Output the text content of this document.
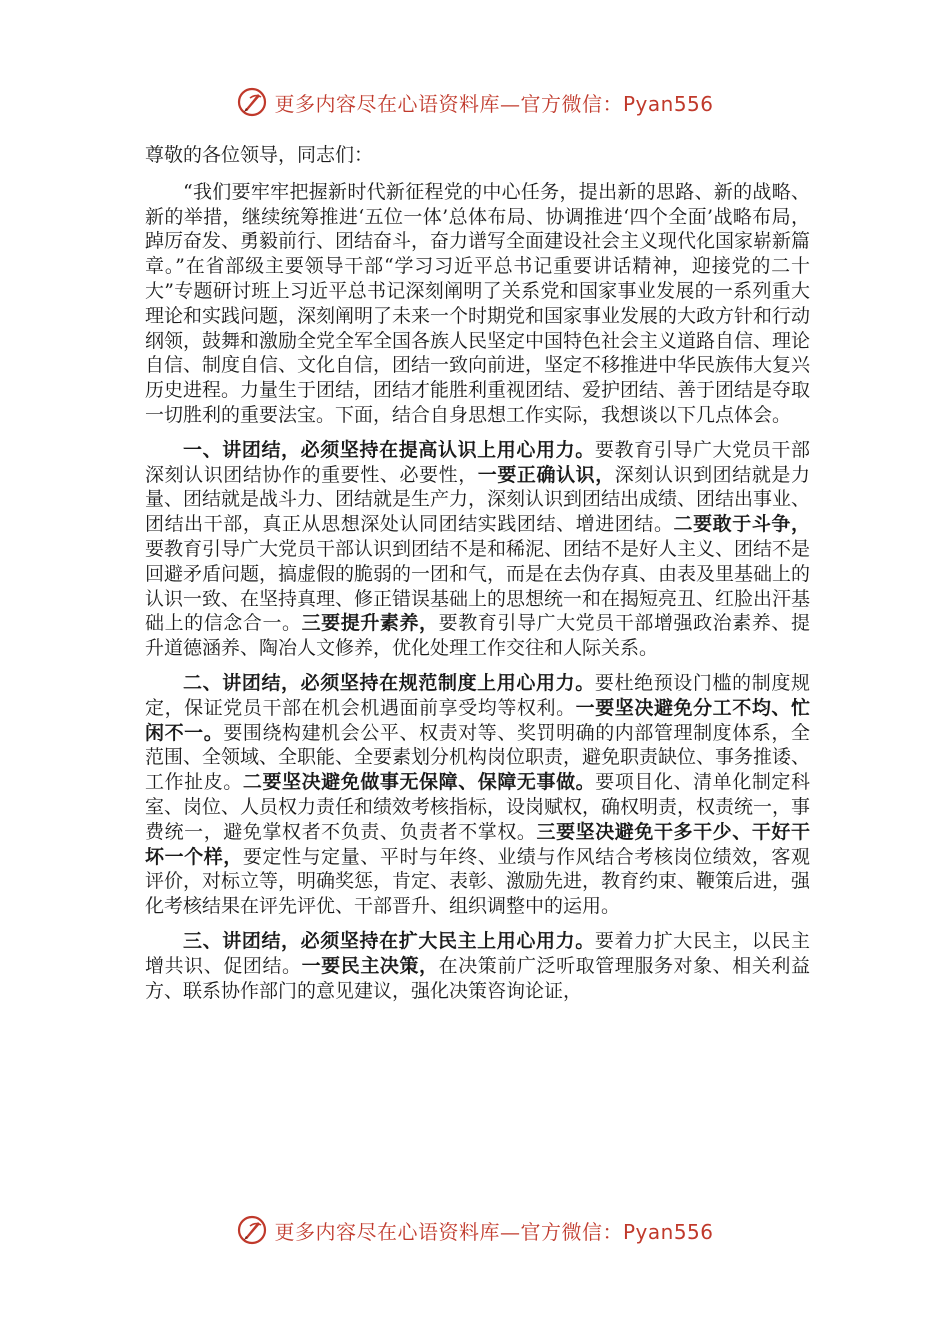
更多内容尽在心语资料库—官方微信：Pyan556

尊敬的各位领导，同志们：

“我们要牢牢把握新时代新征程党的中心任务，提出新的思路、新的战略、新的举措，继续统筹推进‘五位一体’总体布局、协调推进‘四个全面’战略布局，踔厉奋发、勇毅前行、团结奋斗，奋力谱写全面建设社会主义现代化国家崭新篇章。”在省部级主要领导干部“学习习近平总书记重要讲话精神，迎接党的二十大”专题研讨班上习近平总书记深刻阐明了关系党和国家事业发展的一系列重大理论和实践问题，深刻阐明了未来一个时期党和国家事业发展的大政方针和行动纲领，鼓舞和激励全党全军全国各族人民坚定中国特色社会主义道路自信、理论自信、制度自信、文化自信，团结一致向前进，坚定不移推进中华民族伟大复兴历史进程。力量生于团结，团结才能胜利重视团结、爱护团结、善于团结是夺取一切胜利的重要法宝。下面，结合自身思想工作实际，我想谈以下几点体会。

一、讲团结，必须坚持在提高认识上用心用力。要教育引导广大党员干部深刻认识团结协作的重要性、必要性，一要正确认识，深刻认识到团结就是力量、团结就是战斗力、团结就是生产力，深刻认识到团结出成绩、团结出事业、团结出干部，真正从思想深处认同团结实践团结、增进团结。二要敢于斗争，要教育引导广大党员干部认识到团结不是和稀泥、团结不是好人主义、团结不是回避矛盾问题，搞虚假的脆弱的一团和气，而是在去伪存真、由表及里基础上的认识一致、在坚持真理、修正错误基础上的思想统一和在揭短亮丑、红脸出汗基础上的信念合一。三要提升素养，要教育引导广大党员干部增强政治素养、提升道德涵养、陶冶人文修养，优化处理工作交往和人际关系。

二、讲团结，必须坚持在规范制度上用心用力。要杜绝预设门槛的制度规定，保证党员干部在机会机遇面前享受均等权利。一要坚决避免分工不均、忙闲不一。要围绕构建机会公平、权责对等、奖罚明确的内部管理制度体系，全范围、全领域、全职能、全要素划分机构岗位职责，避免职责缺位、事务推诿、工作扯皮。二要坚决避免做事无保障、保障无事做。要项目化、清单化制定科室、岗位、人员权力责任和绩效考核指标，设岗赋权，确权明责，权责统一，事费统一，避免掌权者不负责、负责者不掌权。三要坚决避免干多干少、干好干坏一个样，要定性与定量、平时与年终、业绩与作风结合考核岗位绩效，客观评价，对标立等，明确奖惩，肯定、表彰、激励先进，教育约束、鞭策后进，强化考核结果在评先评优、干部晋升、组织调整中的运用。

三、讲团结，必须坚持在扩大民主上用心用力。要着力扩大民主，以民主增共识、促团结。一要民主决策，在决策前广泛听取管理服务对象、相关利益方、联系协作部门的意见建议，强化决策咨询论证，

更多内容尽在心语资料库—官方微信：Pyan556
